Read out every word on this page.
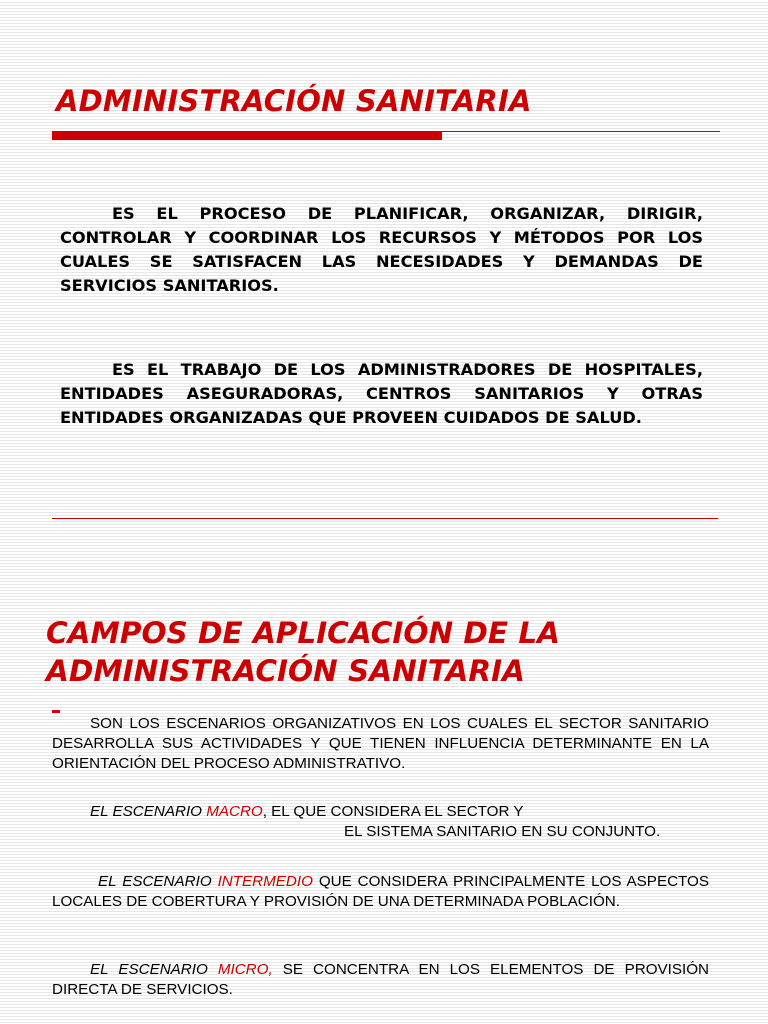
ADMINISTRACIÓN SANITARIA

ES EL PROCESO DE PLANIFICAR, ORGANIZAR, DIRIGIR, CONTROLAR Y COORDINAR LOS RECURSOS Y MÉTODOS POR LOS CUALES SE SATISFACEN LAS NECESIDADES Y DEMANDAS DE SERVICIOS SANITARIOS.

ES EL TRABAJO DE LOS ADMINISTRADORES DE HOSPITALES, ENTIDADES ASEGURADORAS, CENTROS SANITARIOS Y OTRAS ENTIDADES ORGANIZADAS QUE PROVEEN CUIDADOS DE SALUD.

CAMPOS DE APLICACIÓN DE LA
ADMINISTRACIÓN SANITARIA

SON LOS ESCENARIOS ORGANIZATIVOS EN LOS CUALES EL SECTOR SANITARIO DESARROLLA SUS ACTIVIDADES Y QUE TIENEN INFLUENCIA DETERMINANTE EN LA ORIENTACIÓN DEL PROCESO ADMINISTRATIVO.

EL ESCENARIO MACRO, EL QUE CONSIDERA EL SECTOR Y
EL SISTEMA SANITARIO EN SU CONJUNTO.

EL ESCENARIO INTERMEDIO QUE CONSIDERA PRINCIPALMENTE LOS ASPECTOS LOCALES DE COBERTURA Y PROVISIÓN DE UNA DETERMINADA POBLACIÓN.

EL ESCENARIO MICRO, SE CONCENTRA EN LOS ELEMENTOS DE PROVISIÓN DIRECTA DE SERVICIOS.
